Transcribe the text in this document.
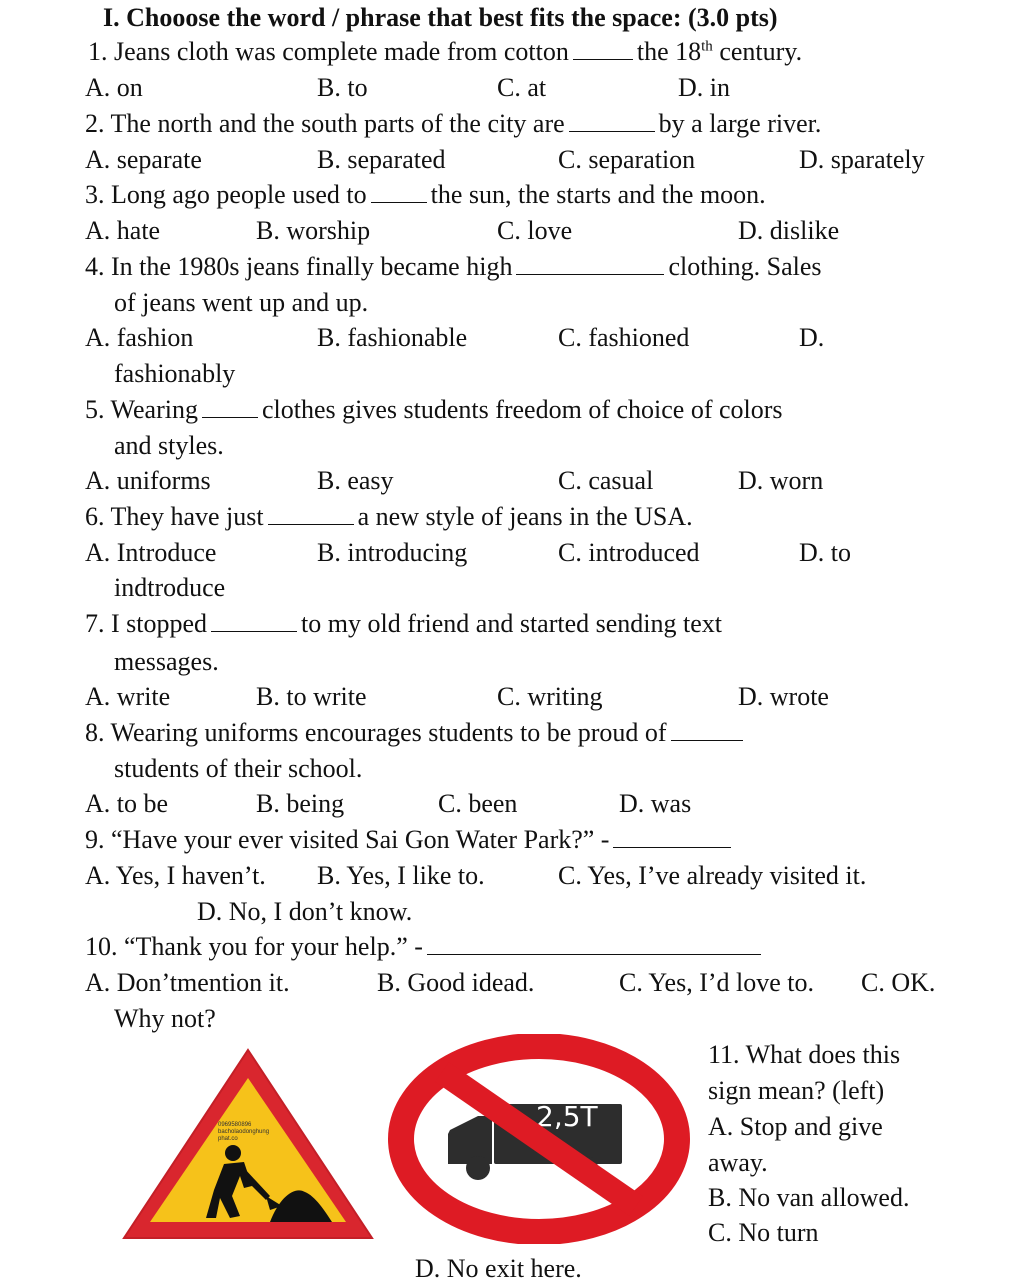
I. Chooose the word / phrase that best fits the space: (3.0 pts)
1. Jeans cloth was complete made from cotton	the 18th century.
A. on	B. to	C. at	D. in
2. The north and the south parts of the city are	by a large river.
A. separate	B. separated	C. separation	D. sparately
3. Long ago people used to the sun, the starts and the moon.
A. hate	B. worship	C. love	D. dislike
4. In the 1980s jeans finally became high	clothing. Sales
of jeans went up and up.
A. fashion	B. fashionable	C. fashioned	D.
fashionably
5. Wearing clothes gives students freedom of choice of colors
and styles.
A. uniforms	B. easy	C. casual	D. worn
6. They have just	a new style of jeans in the USA.
A. Introduce	B. introducing	C. introduced	D. to
indtroduce
7. I stopped	to my old friend and started sending text
messages.
A. write	B. to write	C. writing	D. wrote
8. Wearing uniforms encourages students to be proud of
students of their school.
A. to be	B. being	C. been	D. was
9. “Have your ever visited Sai Gon Water Park?” -
A. Yes, I haven’t. B. Yes, I like to.	C. Yes, I’ve already visited it.
D. No, I don’t know.
10. “Thank you for your help.” -
A. Don’tmention it.	B. Good idead.	C. Yes, I’d love to. C. OK.
Why not?
11. What does this
sign mean? (left)
A. Stop and give
away.
B. No van allowed.
C. No turn
D. No exit here.
0969580896
bacholaodonghung
phat.co
2,5T
